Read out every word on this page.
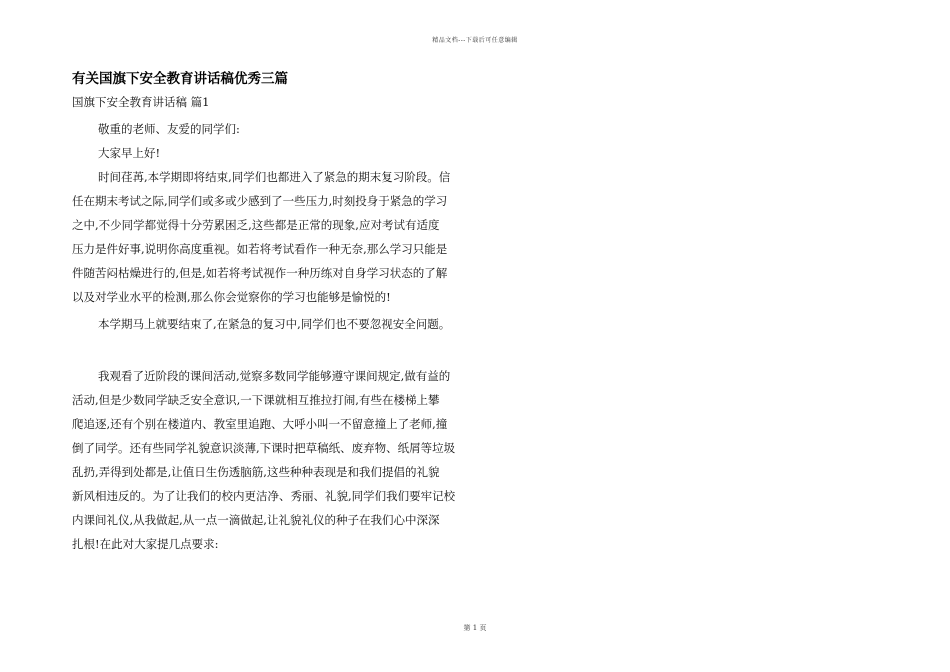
精品文档---下载后可任意编辑
有关国旗下安全教育讲话稿优秀三篇
国旗下安全教育讲话稿 篇1
敬重的老师、友爱的同学们:
大家早上好!
时间荏苒,本学期即将结束,同学们也都进入了紧急的期末复习阶段。信
任在期末考试之际,同学们或多或少感到了一些压力,时刻投身于紧急的学习
之中,不少同学都觉得十分劳累困乏,这些都是正常的现象,应对考试有适度
压力是件好事,说明你高度重视。如若将考试看作一种无奈,那么学习只能是
件随苦闷枯燥进行的,但是,如若将考试视作一种历练对自身学习状态的了解
以及对学业水平的检测,那么你会觉察你的学习也能够是愉悦的!
本学期马上就要结束了,在紧急的复习中,同学们也不要忽视安全问题。
我观看了近阶段的课间活动,觉察多数同学能够遵守课间规定,做有益的
活动,但是少数同学缺乏安全意识,一下课就相互推拉打闹,有些在楼梯上攀
爬追逐,还有个别在楼道内、教室里追跑、大呼小叫一不留意撞上了老师,撞
倒了同学。还有些同学礼貌意识淡薄,下课时把草稿纸、废弃物、纸屑等垃圾
乱扔,弄得到处都是,让值日生伤透脑筋,这些种种表现是和我们提倡的礼貌
新风相违反的。为了让我们的校内更洁净、秀丽、礼貌,同学们我们要牢记校
内课间礼仪,从我做起,从一点一滴做起,让礼貌礼仪的种子在我们心中深深
扎根!在此对大家提几点要求:
第 1 页
